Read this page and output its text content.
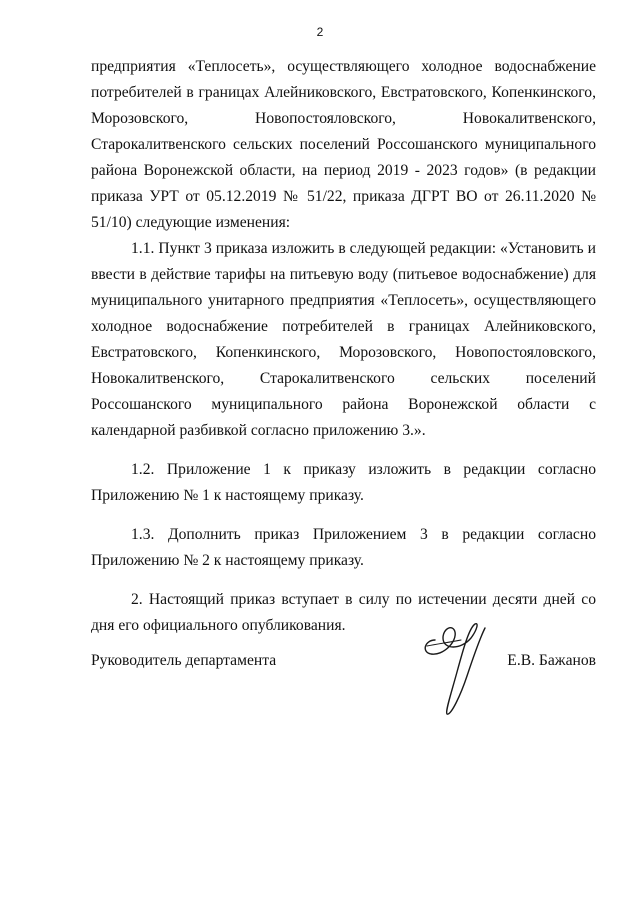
2

предприятия «Теплосеть», осуществляющего холодное водоснабжение потребителей в границах Алейниковского, Евстратовского, Копенкинского, Морозовского, Новопостояловского, Новокалитвенского, Старокалитвенского сельских поселений Россошанского муниципального района Воронежской области, на период 2019 - 2023 годов» (в редакции приказа УРТ от 05.12.2019 № 51/22, приказа ДГРТ ВО от 26.11.2020 № 51/10) следующие изменения:

1.1. Пункт 3 приказа изложить в следующей редакции: «Установить и ввести в действие тарифы на питьевую воду (питьевое водоснабжение) для муниципального унитарного предприятия «Теплосеть», осуществляющего холодное водоснабжение потребителей в границах Алейниковского, Евстратовского, Копенкинского, Морозовского, Новопостояловского, Новокалитвенского, Старокалитвенского сельских поселений Россошанского муниципального района Воронежской области с календарной разбивкой согласно приложению 3.».

1.2. Приложение 1 к приказу изложить в редакции согласно Приложению № 1 к настоящему приказу.

1.3. Дополнить приказ Приложением 3 в редакции согласно Приложению № 2 к настоящему приказу.

2. Настоящий приказ вступает в силу по истечении десяти дней со дня его официального опубликования.

Руководитель департамента	Е.В. Бажанов
